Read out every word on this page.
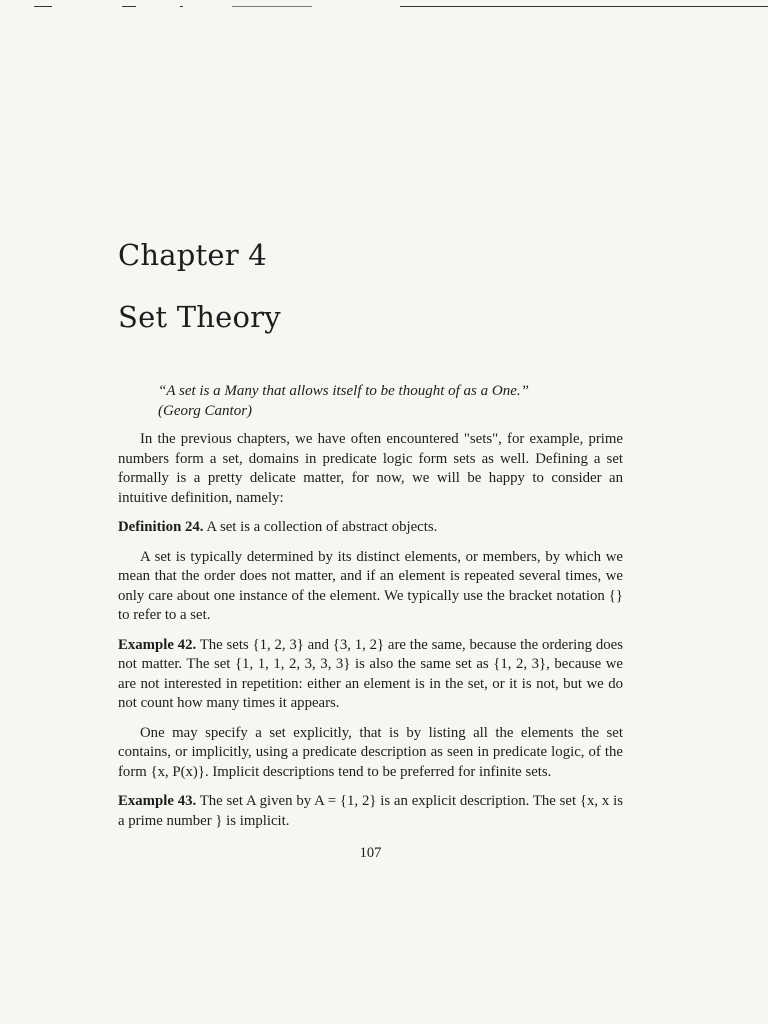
Chapter 4
Set Theory
“A set is a Many that allows itself to be thought of as a One.”
(Georg Cantor)

In the previous chapters, we have often encountered "sets", for example, prime numbers form a set, domains in predicate logic form sets as well. Defining a set formally is a pretty delicate matter, for now, we will be happy to consider an intuitive definition, namely:

Definition 24. A set is a collection of abstract objects.

A set is typically determined by its distinct elements, or members, by which we mean that the order does not matter, and if an element is repeated several times, we only care about one instance of the element. We typically use the bracket notation {} to refer to a set.

Example 42. The sets {1, 2, 3} and {3, 1, 2} are the same, because the ordering does not matter. The set {1, 1, 1, 2, 3, 3, 3} is also the same set as {1, 2, 3}, because we are not interested in repetition: either an element is in the set, or it is not, but we do not count how many times it appears.

One may specify a set explicitly, that is by listing all the elements the set contains, or implicitly, using a predicate description as seen in predicate logic, of the form {x, P(x)}. Implicit descriptions tend to be preferred for infinite sets.

Example 43. The set A given by A = {1, 2} is an explicit description. The set {x, x is a prime number } is implicit.

107
